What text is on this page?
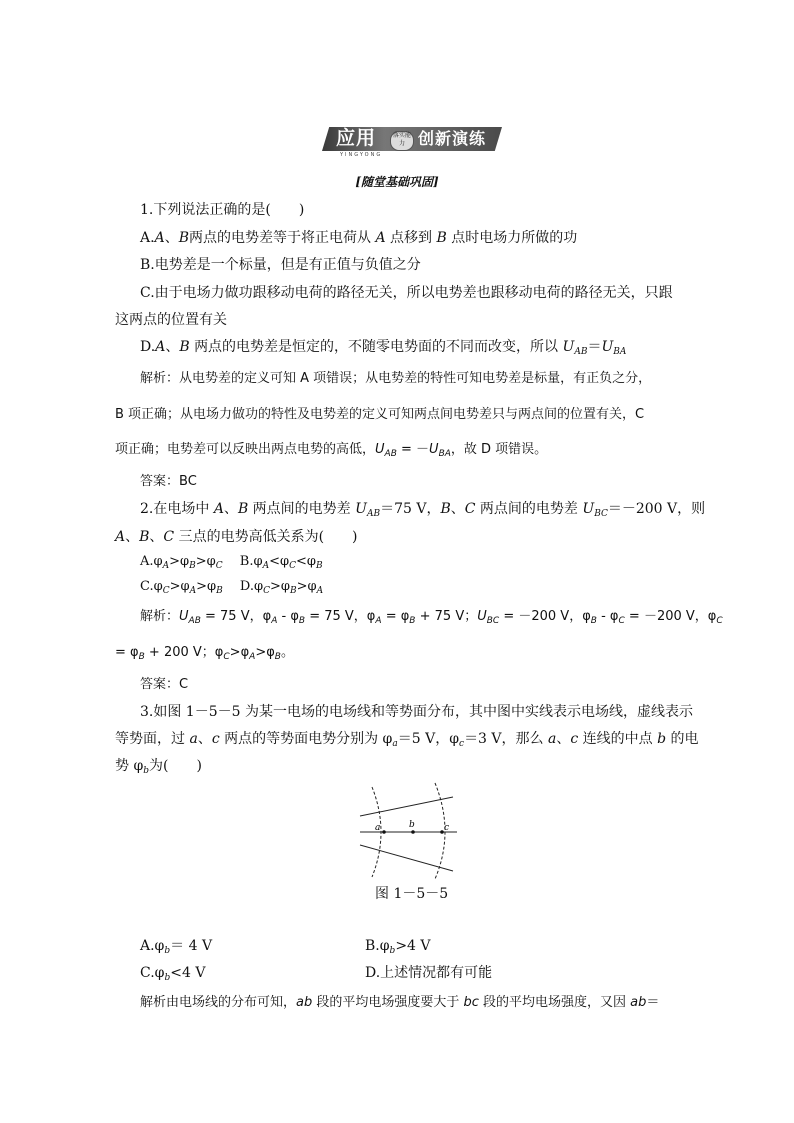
应用	落实能力 创新演练
YINGYONG
[随堂基础巩固]
1.下列说法正确的是(　　)
A.A、B两点的电势差等于将正电荷从 A 点移到 B 点时电场力所做的功
B.电势差是一个标量，但是有正值与负值之分
C.由于电场力做功跟移动电荷的路径无关，所以电势差也跟移动电荷的路径无关，只跟
这两点的位置有关
D.A、B 两点的电势差是恒定的，不随零电势面的不同而改变，所以 $U_{AB}=U_{BA}$
解析：从电势差的定义可知 A 项错误；从电势差的特性可知电势差是标量，有正负之分，
B 项正确；从电场力做功的特性及电势差的定义可知两点间电势差只与两点间的位置有关，C
项正确；电势差可以反映出两点电势的高低，$U_{AB} = -U_{BA}$，故 D 项错误。
答案：BC
2.在电场中 A、B 两点间的电势差 $U_{AB}=75$ V，B、C 两点间的电势差 $U_{BC}=-200$ V，则
A、B、C 三点的电势高低关系为(　　)
$A.\varphi_A>\varphi_B>\varphi_C$　 $B.\varphi_A<\varphi_C<\varphi_B$
$C.\varphi_C>\varphi_A>\varphi_B$　 $D.\varphi_C>\varphi_B>\varphi_A$
解析：$U_{AB} = 75$ V，$\varphi_A - \varphi_B = 75$ V，$\varphi_A = \varphi_B + 75$ V；$U_{BC} = -200$ V，$\varphi_B - \varphi_C = -200$ V，$\varphi_C$
= $\varphi_B + 200$ V；$\varphi_C>\varphi_A>\varphi_B$。
答案：C
3.如图 1－5－5 为某一电场的电场线和等势面分布，其中图中实线表示电场线，虚线表示
等势面，过 a、c 两点的等势面电势分别为 $\varphi_a=5$ V，$\varphi_c=3$ V，那么 a、c 连线的中点 b 的电
势 $\varphi_b$为(　　)
a	b	c
图 1－5－5
$A.\varphi_b= 4$ V	$B.\varphi_b>4$ V
$C.\varphi_b<4$ V	D.上述情况都有可能
解析由电场线的分布可知，ab 段的平均电场强度要大于 bc 段的平均电场强度，又因 ab＝
